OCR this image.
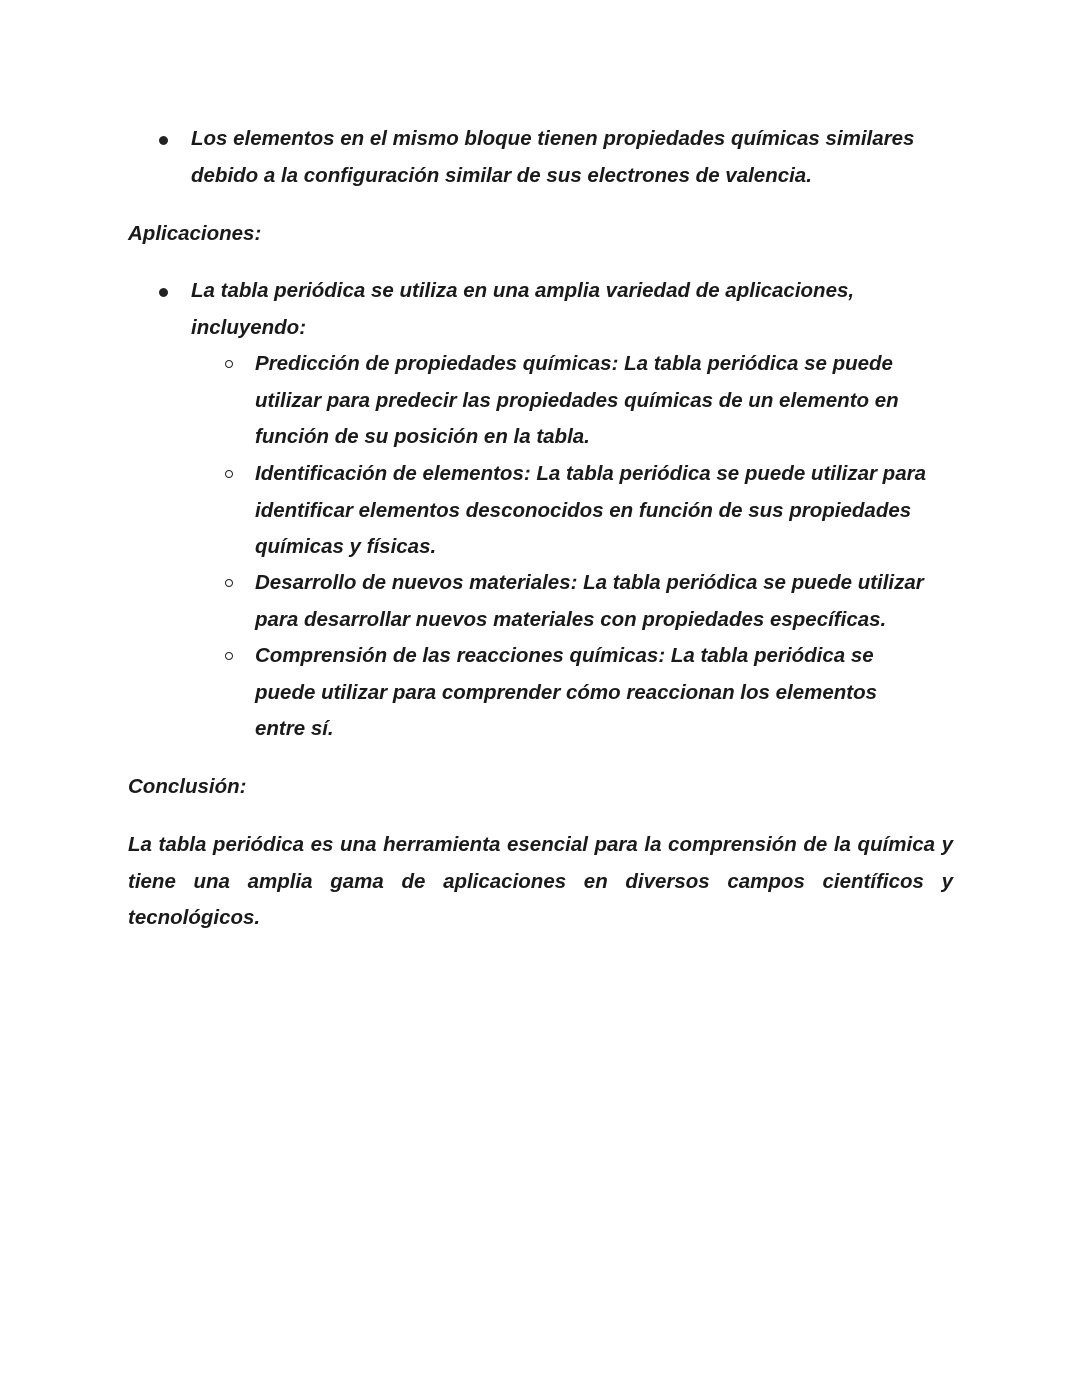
Los elementos en el mismo bloque tienen propiedades químicas similares debido a la configuración similar de sus electrones de valencia.

Aplicaciones:

La tabla periódica se utiliza en una amplia variedad de aplicaciones, incluyendo:

Predicción de propiedades químicas: La tabla periódica se puede utilizar para predecir las propiedades químicas de un elemento en función de su posición en la tabla.

Identificación de elementos: La tabla periódica se puede utilizar para identificar elementos desconocidos en función de sus propiedades químicas y físicas.

Desarrollo de nuevos materiales: La tabla periódica se puede utilizar para desarrollar nuevos materiales con propiedades específicas.

Comprensión de las reacciones químicas: La tabla periódica se puede utilizar para comprender cómo reaccionan los elementos entre sí.

Conclusión:

La tabla periódica es una herramienta esencial para la comprensión de la química y tiene una amplia gama de aplicaciones en diversos campos científicos y tecnológicos.
